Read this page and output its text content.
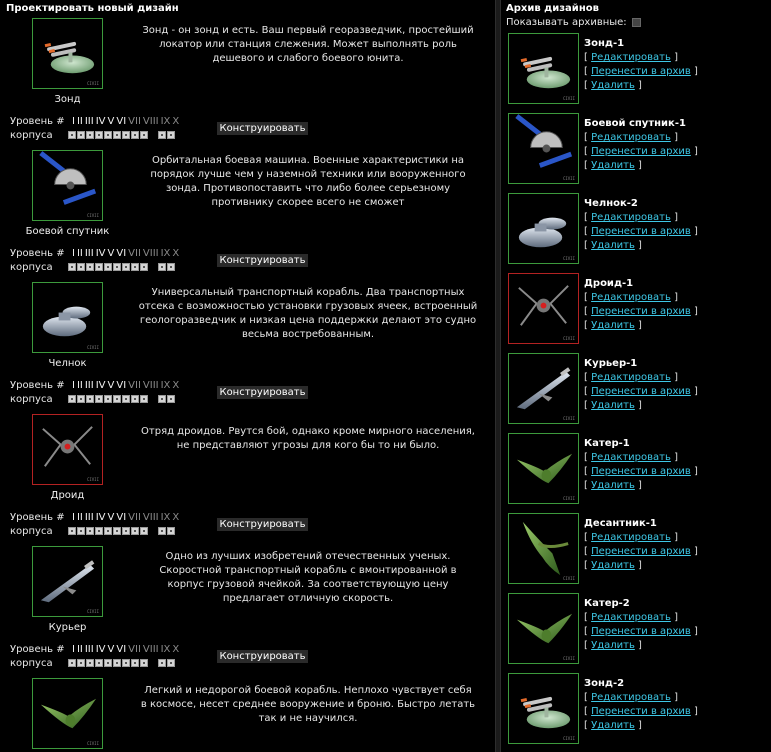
Проектировать новый дизайн
CIVII
Зонд
Зонд - он зонд и есть. Ваш первый георазведчик, простейший
локатор или станция слежения. Может выполнять роль
дешевого и слабого боевого юнита.
Уровень # I II III IV V VI VII VIII IX X
корпуса
Конструировать
CIVII
Боевой спутник
Орбитальная боевая машина. Военные характеристики на
порядок лучше чем у наземной техники или вооруженного
зонда. Противопоставить что либо более серьезному
противнику скорее всего не сможет
Уровень # I II III IV V VI VII VIII IX X
корпуса
Конструировать
CIVII
Челнок
Универсальный транспортный корабль. Два транспортных
отсека с возможностью установки грузовых ячеек, встроенный
геологоразведчик и низкая цена поддержки делают это судно
весьма востребованным.
Уровень # I II III IV V VI VII VIII IX X
корпуса
Конструировать
CIVII
Дроид
Отряд дроидов. Рвутся бой, однако кроме мирного населения,
не представляют угрозы для кого бы то ни было.
Уровень # I II III IV V VI VII VIII IX X
корпуса
Конструировать
CIVII
Курьер
Одно из лучших изобретений отечественных ученых.
Скоростной транспортный корабль с вмонтированной в
корпус грузовой ячейкой. За соответствующую цену
предлагает отличную скорость.
Уровень # I II III IV V VI VII VIII IX X
корпуса
Конструировать
CIVII
Легкий и недорогой боевой корабль. Неплохо чувствует себя
в космосе, несет среднее вооружение и броню. Быстро летать
так и не научился.
Архив дизайнов
Показывать архивные:
CIVII
Зонд-1
[ Редактировать ]
[ Перенести в архив ]
[ Удалить ]
CIVII
Боевой спутник-1
[ Редактировать ]
[ Перенести в архив ]
[ Удалить ]
CIVII
Челнок-2
[ Редактировать ]
[ Перенести в архив ]
[ Удалить ]
CIVII
Дроид-1
[ Редактировать ]
[ Перенести в архив ]
[ Удалить ]
CIVII
Курьер-1
[ Редактировать ]
[ Перенести в архив ]
[ Удалить ]
CIVII
Катер-1
[ Редактировать ]
[ Перенести в архив ]
[ Удалить ]
CIVII
Десантник-1
[ Редактировать ]
[ Перенести в архив ]
[ Удалить ]
CIVII
Катер-2
[ Редактировать ]
[ Перенести в архив ]
[ Удалить ]
CIVII
Зонд-2
[ Редактировать ]
[ Перенести в архив ]
[ Удалить ]
